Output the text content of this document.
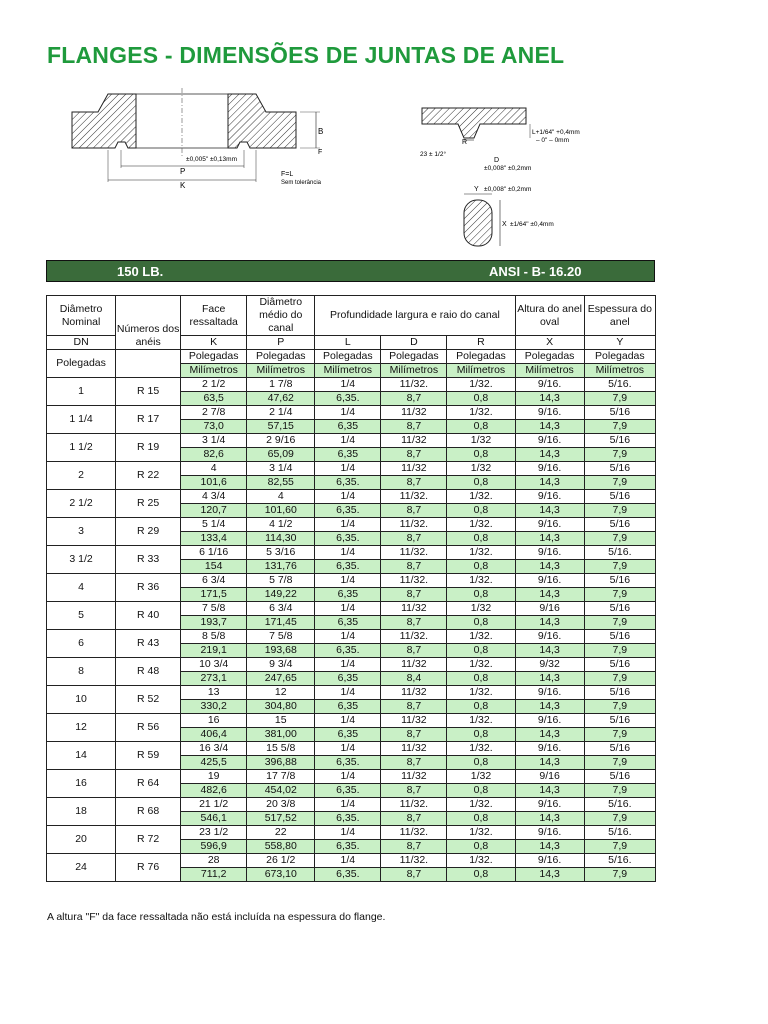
FLANGES - DIMENSÕES DE JUNTAS DE ANEL
±0,005" ±0,13mm
P
K
B
F
F=L
Sem tolerância
R
D
23 ± 1/2°
L+1/64" +0,4mm
– 0" – 0mm
±0,008" ±0,2mm
Y ±0,008" ±0,2mm
X ±1/64" ±0,4mm
150 LB.	ANSI - B- 16.20
Diâmetro Nominal	Números dos anéis	Face ressaltada	Diâmetro médio do canal	Profundidade largura e raio do canal			Altura do anel oval	Espessura do anel
DN		K	P	L	D	R	X	Y
Polegadas		Polegadas	Polegadas	Polegadas	Polegadas	Polegadas	Polegadas	Polegadas
		Milímetros	Milímetros	Milímetros	Milímetros	Milímetros	Milímetros	Milímetros
1	R 15	2 1/2	1 7/8	1/4	11/32.	1/32.	9/16.	5/16.
		63,5	47,62	6,35.	8,7	0,8	14,3	7,9
1 1/4	R 17	2 7/8	2 1/4	1/4	11/32	1/32.	9/16.	5/16
		73,0	57,15	6,35	8,7	0,8	14,3	7,9
1 1/2	R 19	3 1/4	2 9/16	1/4	11/32	1/32	9/16.	5/16
		82,6	65,09	6,35	8,7	0,8	14,3	7,9
2	R 22	4	3 1/4	1/4	11/32	1/32	9/16.	5/16
		101,6	82,55	6,35.	8,7	0,8	14,3	7,9
2 1/2	R 25	4 3/4	4	1/4	11/32.	1/32.	9/16.	5/16
		120,7	101,60	6,35.	8,7	0,8	14,3	7,9
3	R 29	5 1/4	4 1/2	1/4	11/32.	1/32.	9/16.	5/16
		133,4	114,30	6,35.	8,7	0,8	14,3	7,9
3 1/2	R 33	6 1/16	5 3/16	1/4	11/32.	1/32.	9/16.	5/16.
		154	131,76	6,35.	8,7	0,8	14,3	7,9
4	R 36	6 3/4	5 7/8	1/4	11/32.	1/32.	9/16.	5/16
		171,5	149,22	6,35	8,7	0,8	14,3	7,9
5	R 40	7 5/8	6 3/4	1/4	11/32	1/32	9/16	5/16
		193,7	171,45	6,35	8,7	0,8	14,3	7,9
6	R 43	8 5/8	7 5/8	1/4	11/32.	1/32.	9/16.	5/16
		219,1	193,68	6,35.	8,7	0,8	14,3	7,9
8	R 48	10 3/4	9 3/4	1/4	11/32	1/32.	9/32	5/16
		273,1	247,65	6,35	8,4	0,8	14,3	7,9
10	R 52	13	12	1/4	11/32	1/32.	9/16.	5/16
		330,2	304,80	6,35	8,7	0,8	14,3	7,9
12	R 56	16	15	1/4	11/32	1/32.	9/16.	5/16
		406,4	381,00	6,35	8,7	0,8	14,3	7,9
14	R 59	16 3/4	15 5/8	1/4	11/32	1/32.	9/16.	5/16
		425,5	396,88	6,35.	8,7	0,8	14,3	7,9
16	R 64	19	17 7/8	1/4	11/32	1/32	9/16	5/16
		482,6	454,02	6,35.	8,7	0,8	14,3	7,9
18	R 68	21 1/2	20 3/8	1/4	11/32.	1/32.	9/16.	5/16.
		546,1	517,52	6,35.	8,7	0,8	14,3	7,9
20	R 72	23 1/2	22	1/4	11/32.	1/32.	9/16.	5/16.
		596,9	558,80	6,35.	8,7	0,8	14,3	7,9
24	R 76	28	26 1/2	1/4	11/32.	1/32.	9/16.	5/16.
		711,2	673,10	6,35.	8,7	0,8	14,3	7,9
A altura "F" da face ressaltada não está incluída na espessura do flange.
